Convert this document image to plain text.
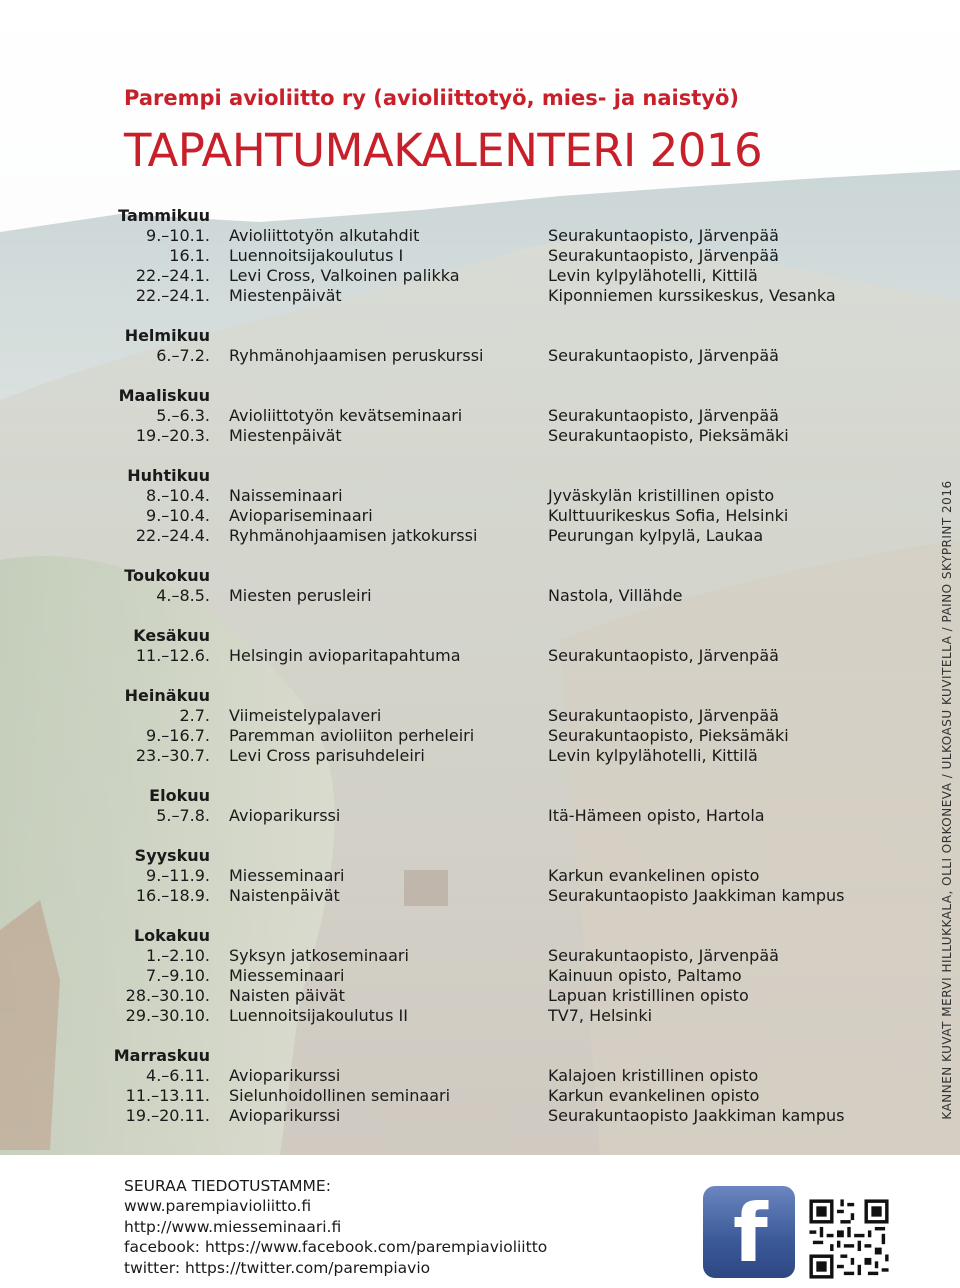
Parempi avioliitto ry (avioliittotyö, mies- ja naistyö)
TAPAHTUMAKALENTERI 2016
Tammikuu
9.–10.1. Avioliittotyön alkutahdit	Seurakuntaopisto, Järvenpää
16.1. Luennoitsijakoulutus I	Seurakuntaopisto, Järvenpää
22.–24.1. Levi Cross, Valkoinen palikka	Levin kylpylähotelli, Kittilä
22.–24.1. Miestenpäivät	Kiponniemen kurssikeskus, Vesanka
Helmikuu
6.–7.2. Ryhmänohjaamisen peruskurssi	Seurakuntaopisto, Järvenpää
Maaliskuu
5.–6.3. Avioliittotyön kevätseminaari	Seurakuntaopisto, Järvenpää
19.–20.3. Miestenpäivät	Seurakuntaopisto, Pieksämäki
Huhtikuu
8.–10.4. Naisseminaari	Jyväskylän kristillinen opisto
9.–10.4. Aviopariseminaari	Kulttuurikeskus Sofia, Helsinki
22.–24.4. Ryhmänohjaamisen jatkokurssi	Peurungan kylpylä, Laukaa
Toukokuu
4.–8.5. Miesten perusleiri	Nastola, Villähde
Kesäkuu
11.–12.6. Helsingin avioparitapahtuma	Seurakuntaopisto, Järvenpää
Heinäkuu
2.7. Viimeistelypalaveri	Seurakuntaopisto, Järvenpää
9.–16.7. Paremman avioliiton perheleiri	Seurakuntaopisto, Pieksämäki
23.–30.7. Levi Cross parisuhdeleiri	Levin kylpylähotelli, Kittilä
Elokuu
5.–7.8. Avioparikurssi	Itä-Hämeen opisto, Hartola
Syyskuu
9.–11.9. Miesseminaari	Karkun evankelinen opisto
16.–18.9. Naistenpäivät	Seurakuntaopisto Jaakkiman kampus
Lokakuu
1.–2.10. Syksyn jatkoseminaari	Seurakuntaopisto, Järvenpää
7.–9.10. Miesseminaari	Kainuun opisto, Paltamo
28.–30.10. Naisten päivät	Lapuan kristillinen opisto
29.–30.10. Luennoitsijakoulutus II	TV7, Helsinki
Marraskuu
4.–6.11. Avioparikurssi	Kalajoen kristillinen opisto
11.–13.11. Sielunhoidollinen seminaari	Karkun evankelinen opisto
19.–20.11. Avioparikurssi	Seurakuntaopisto Jaakkiman kampus	KANNEN KUVAT MERVI HILLUKKALA, OLLI ORKONEVA / ULKOASU KUVITELLA / PAINO SKYPRINT 2016
SEURAA TIEDOTUSTAMME:
www.parempiavioliitto.fi
http://www.miesseminaari.fi
facebook: https://www.facebook.com/parempiavioliitto
twitter: https://twitter.com/parempiavio	f
